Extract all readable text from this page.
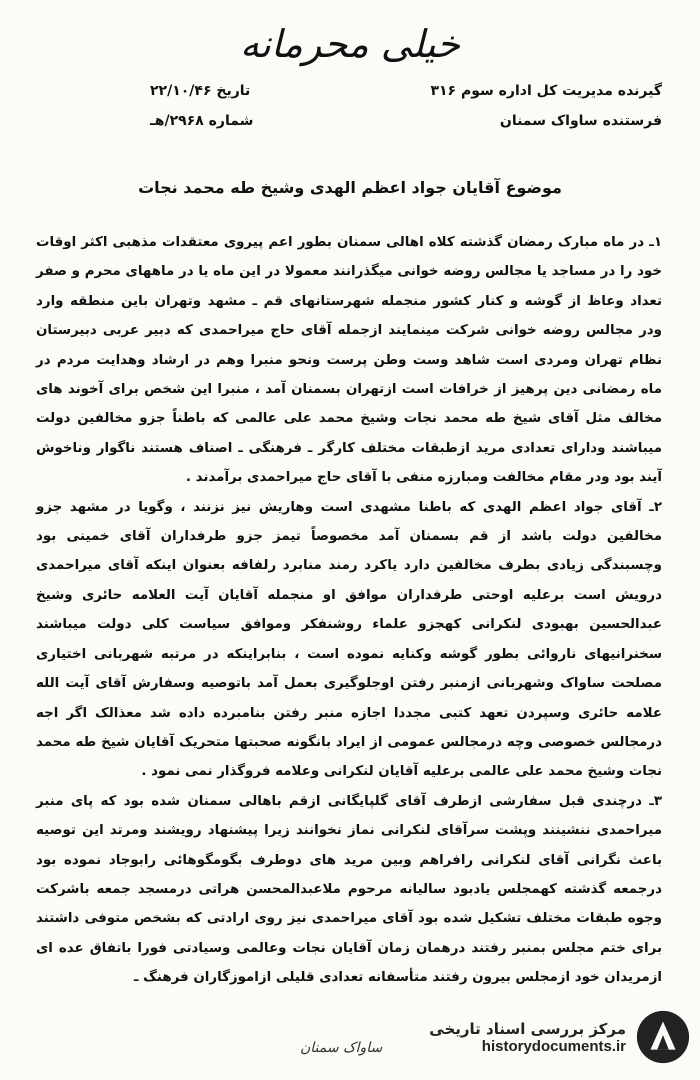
خیلی محرمانه
گیرنده مدیریت کل اداره سوم ۳۱۶
فرستنده ساواک سمنان
تاریخ ۲۲/۱۰/۴۶
شماره ۲۹۶۸/هـ
موضوع آقایان جواد اعظم الهدی وشیخ طه محمد نجات

۱ـ در ماه مبارک رمضان گذشته کلاه اهالی سمنان بطور اعم پیروی معتقدات مذهبی اکثر اوقات خود را در مساجد یا مجالس روضه خوانی میگذرانند معمولا در این ماه یا در ماههای محرم و صفر تعداد وعاظ از گوشه و کنار کشور منجمله شهرستانهای قم ـ مشهد وتهران باین منطقه وارد ودر مجالس روضه خوانی شرکت مینمایند ازجمله آقای حاج میراحمدی که دبیر عربی دبیرستان نظام تهران ومردی است شاهد وست وطن پرست ونحو منبرا وهم در ارشاد وهدایت مردم در ماه رمضانی دین پرهیز از خرافات است ازتهران بسمنان آمد ، منبرا این شخص برای آخوند های مخالف مثل آقای شیخ طه محمد نجات وشیخ محمد علی عالمی که باطناً جزو مخالفین دولت میباشند ودارای تعدادی مرید ازطبقات مختلف کارگر ـ فرهنگی ـ اصناف هستند ناگوار وناخوش آیند بود ودر مقام مخالفت ومبارزه منفی با آقای حاج میراحمدی برآمدند .

۲ـ آقای جواد اعظم الهدی که باطنا مشهدی است وهاریش نیز نزنند ، وگویا در مشهد جزو مخالفین دولت باشد از قم بسمنان آمد مخصوصاً تیمز جزو طرفداران آقای خمینی بود وچسبندگی زیادی بطرف مخالفین دارد یاکرد رمند منابرد رلفافه بعنوان اینکه آقای میراحمدی درویش است برعلیه اوحتی طرفداران موافق او منجمله آقایان آیت العلامه حائری وشیخ عبدالحسین بهبودی لنکرانی کهجزو علماء روشنفکر وموافق سیاست کلی دولت میباشند سخنرانیهای ناروائی بطور گوشه وکنایه نموده است ، بنابراینکه در مرتبه شهربانی اختیاری مصلحت ساواک وشهربانی ازمنبر رفتن اوجلوگیری بعمل آمد باتوصیه وسفارش آقای آیت الله علامه حائری وسپردن تعهد کتبی مجددا اجازه منبر رفتن بنامبرده داده شد معذالک اگر اجه درمجالس خصوصی وچه درمجالس عمومی از ایراد بانگونه صحبتها متحریک آقایان شیخ طه محمد نجات وشیخ محمد علی عالمی برعلیه آقایان لنکرانی وعلامه فروگذار نمی نمود .

۳ـ درچندی قبل سفارشی ازطرف آقای گلپایگانی ازقم باهالی سمنان شده بود که پای منبر میراحمدی ننشینند وپشت سرآقای لنکرانی نماز نخوانند زیرا پیشنهاد رویشند ومرتد این توصیه باعث نگرانی آقای لنکرانی رافراهم وبین مرید های دوطرف بگومگوهائی رابوجاد نموده بود درجمعه گذشته کهمجلس یادبود سالیانه مرحوم ملاعبدالمحسن هراتی درمسجد جمعه باشرکت وجوه طبقات مختلف تشکیل شده بود آقای میراحمدی نیز روی ارادتی که بشخص متوفی داشتند برای ختم مجلس بمنبر رفتند درهمان زمان آقایان نجات وعالمی وسیادتی فورا باتفاق عده ای ازمریدان خود ازمجلس بیرون رفتند متأسفانه تعدادی قلیلی ازاموزگاران فرهنگ ـ

ساواک سمنان
مرکز بررسی اسناد تاریخی
historydocuments.ir
